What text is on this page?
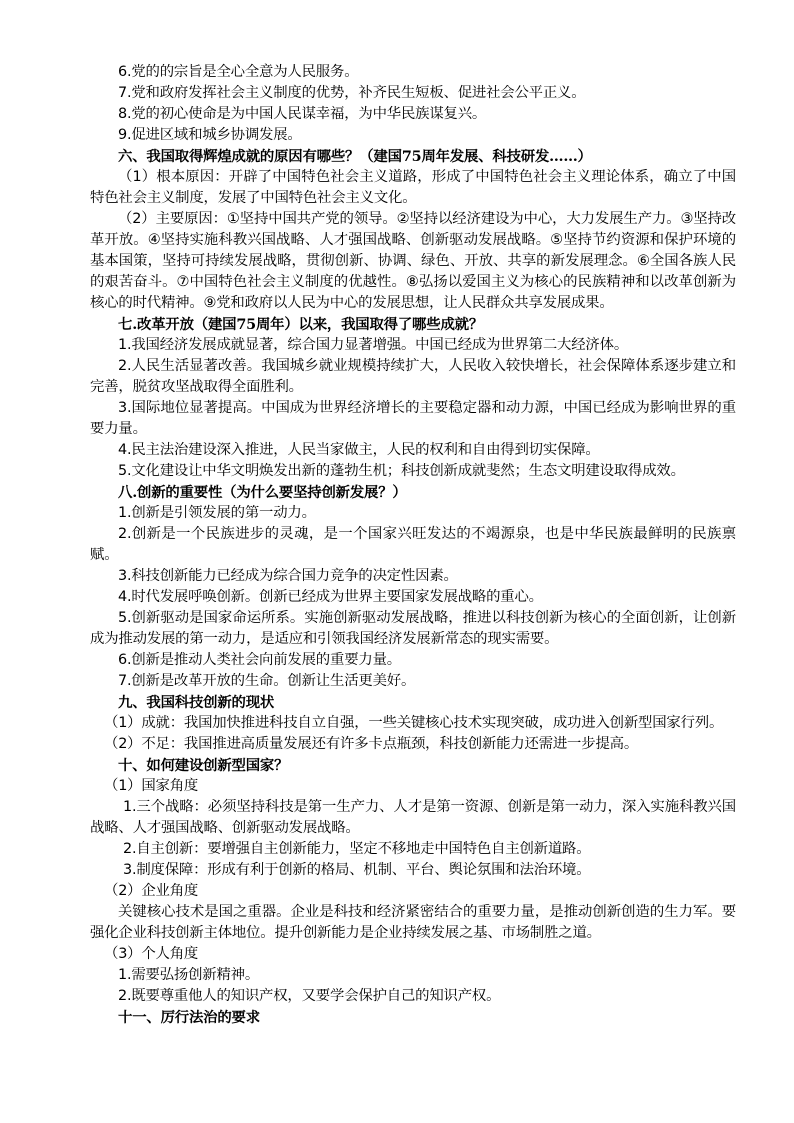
6.党的的宗旨是全心全意为人民服务。

7.党和政府发挥社会主义制度的优势，补齐民生短板、促进社会公平正义。

8.党的初心使命是为中国人民谋幸福，为中华民族谋复兴。

9.促进区域和城乡协调发展。

六、我国取得辉煌成就的原因有哪些？（建国75周年发展、科技研发……）

（1）根本原因：开辟了中国特色社会主义道路，形成了中国特色社会主义理论体系，确立了中国特色社会主义制度，发展了中国特色社会主义文化。

（2）主要原因：①坚持中国共产党的领导。②坚持以经济建设为中心，大力发展生产力。③坚持改革开放。④坚持实施科教兴国战略、人才强国战略、创新驱动发展战略。⑤坚持节约资源和保护环境的基本国策，坚持可持续发展战略，贯彻创新、协调、绿色、开放、共享的新发展理念。⑥全国各族人民的艰苦奋斗。⑦中国特色社会主义制度的优越性。⑧弘扬以爱国主义为核心的民族精神和以改革创新为核心的时代精神。⑨党和政府以人民为中心的发展思想，让人民群众共享发展成果。

七.改革开放（建国75周年）以来，我国取得了哪些成就？

1.我国经济发展成就显著，综合国力显著增强。中国已经成为世界第二大经济体。

2.人民生活显著改善。我国城乡就业规模持续扩大，人民收入较快增长，社会保障体系逐步建立和完善，脱贫攻坚战取得全面胜利。

3.国际地位显著提高。中国成为世界经济增长的主要稳定器和动力源，中国已经成为影响世界的重要力量。

4.民主法治建设深入推进，人民当家做主，人民的权利和自由得到切实保障。

5.文化建设让中华文明焕发出新的蓬勃生机；科技创新成就斐然；生态文明建设取得成效。

八.创新的重要性（为什么要坚持创新发展？）

1.创新是引领发展的第一动力。

2.创新是一个民族进步的灵魂，是一个国家兴旺发达的不竭源泉，也是中华民族最鲜明的民族禀赋。

3.科技创新能力已经成为综合国力竞争的决定性因素。

4.时代发展呼唤创新。创新已经成为世界主要国家发展战略的重心。

5.创新驱动是国家命运所系。实施创新驱动发展战略，推进以科技创新为核心的全面创新，让创新成为推动发展的第一动力，是适应和引领我国经济发展新常态的现实需要。

6.创新是推动人类社会向前发展的重要力量。

7.创新是改革开放的生命。创新让生活更美好。

九、我国科技创新的现状

（1）成就：我国加快推进科技自立自强，一些关键核心技术实现突破，成功进入创新型国家行列。

（2）不足：我国推进高质量发展还有许多卡点瓶颈，科技创新能力还需进一步提高。

十、如何建设创新型国家？

（1）国家角度

1.三个战略：必须坚持科技是第一生产力、人才是第一资源、创新是第一动力，深入实施科教兴国战略、人才强国战略、创新驱动发展战略。

2.自主创新：要增强自主创新能力，坚定不移地走中国特色自主创新道路。

3.制度保障：形成有利于创新的格局、机制、平台、舆论氛围和法治环境。

（2）企业角度

关键核心技术是国之重器。企业是科技和经济紧密结合的重要力量，是推动创新创造的生力军。要强化企业科技创新主体地位。提升创新能力是企业持续发展之基、市场制胜之道。

（3）个人角度

1.需要弘扬创新精神。

2.既要尊重他人的知识产权，又要学会保护自己的知识产权。

十一、厉行法治的要求
